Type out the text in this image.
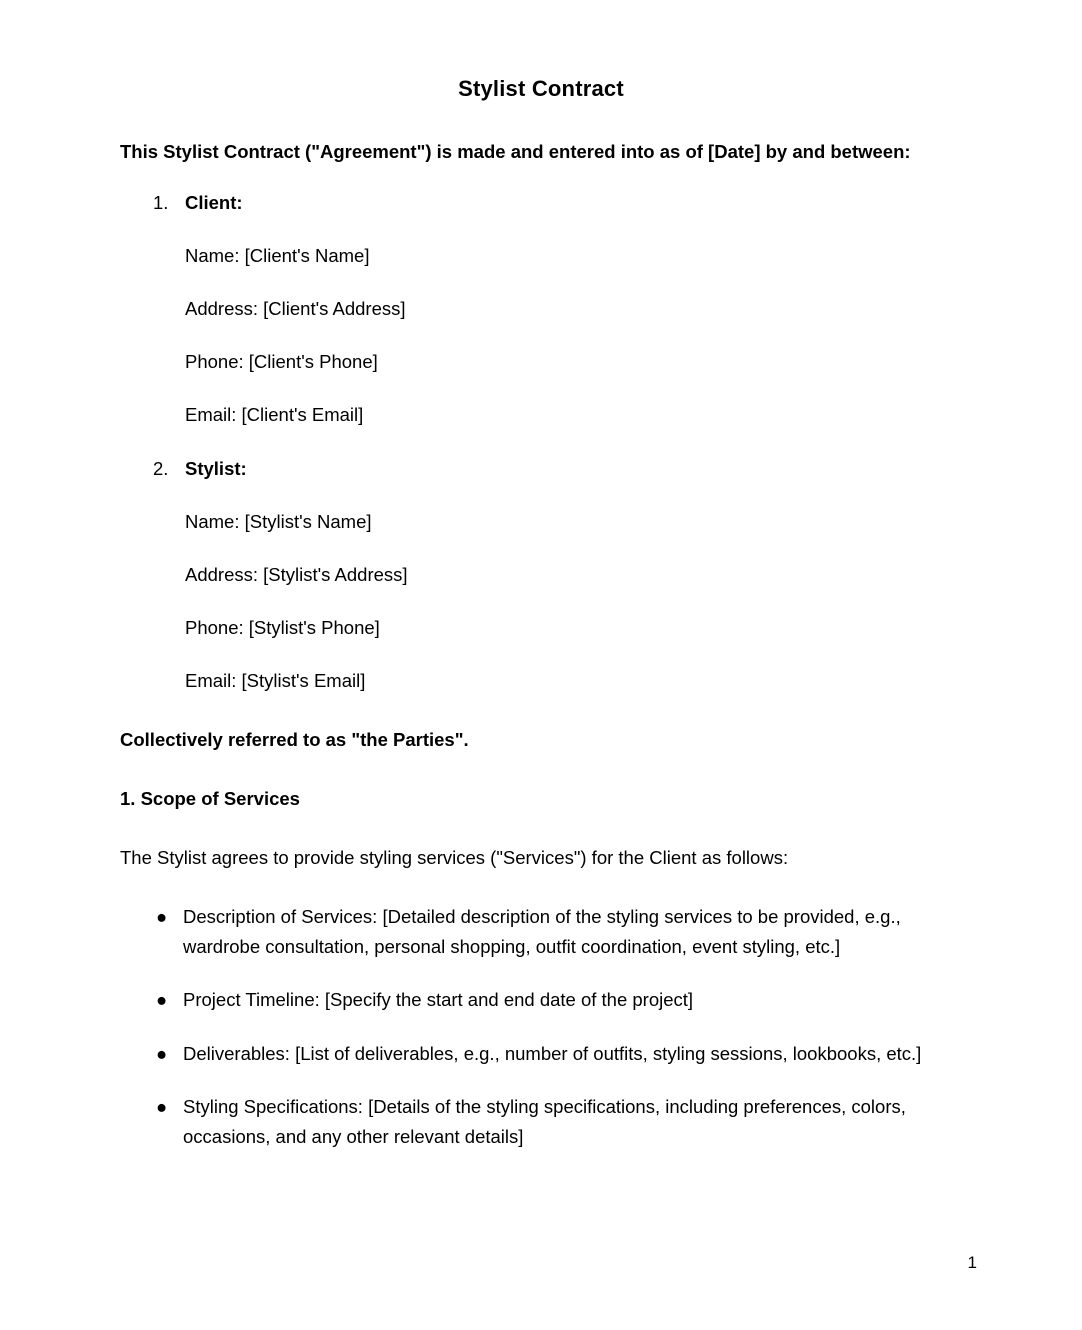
Stylist Contract

This Stylist Contract ("Agreement") is made and entered into as of [Date] by and between:

1. Client:
Name: [Client's Name]
Address: [Client's Address]
Phone: [Client's Phone]
Email: [Client's Email]
2. Stylist:
Name: [Stylist's Name]
Address: [Stylist's Address]
Phone: [Stylist's Phone]
Email: [Stylist's Email]

Collectively referred to as "the Parties".

1. Scope of Services

The Stylist agrees to provide styling services ("Services") for the Client as follows:

● Description of Services: [Detailed description of the styling services to be provided, e.g., wardrobe consultation, personal shopping, outfit coordination, event styling, etc.]
● Project Timeline: [Specify the start and end date of the project]
● Deliverables: [List of deliverables, e.g., number of outfits, styling sessions, lookbooks, etc.]
● Styling Specifications: [Details of the styling specifications, including preferences, colors, occasions, and any other relevant details]
1
